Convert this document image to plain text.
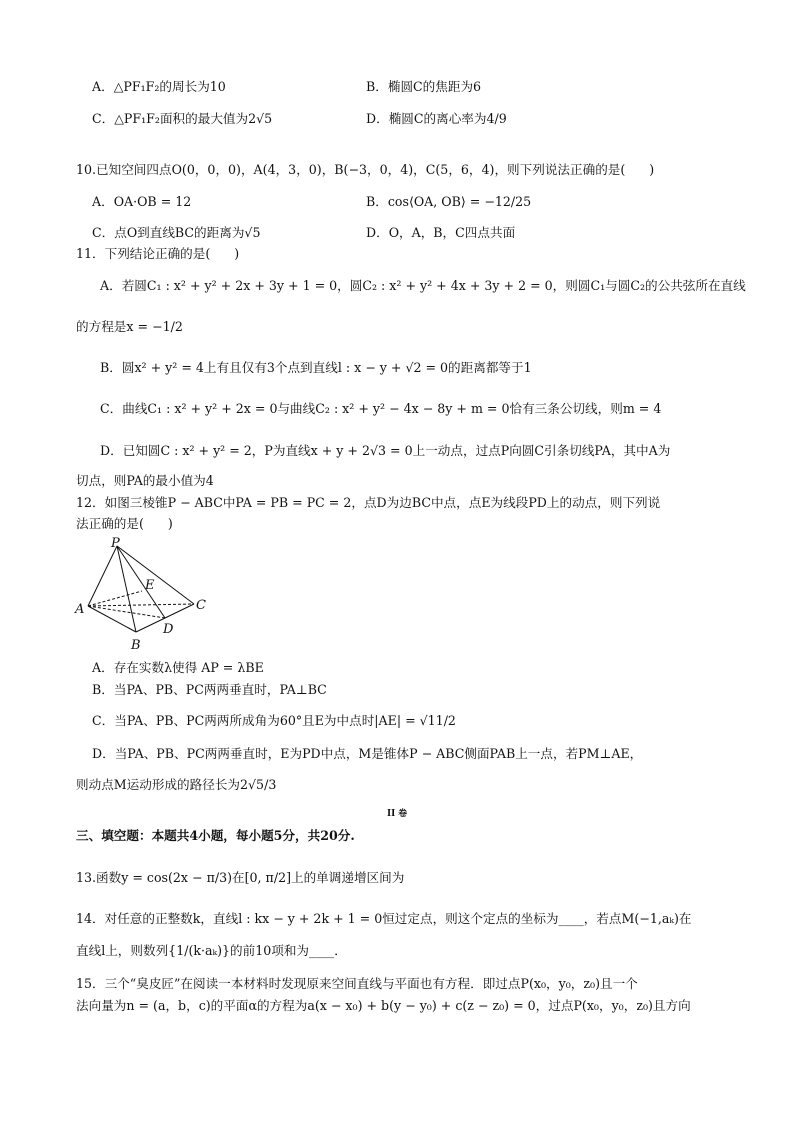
A．△PF₁F₂的周长为10	B．椭圆C的焦距为6
C．△PF₁F₂面积的最大值为2√5	D．椭圆C的离心率为4/9
10.已知空间四点O(0，0，0)，A(4，3，0)，B(−3，0，4)，C(5，6，4)，则下列说法正确的是(      )
A．OA·OB = 12	B．cos⟨OA, OB⟩ = −12/25
C．点O到直线BC的距离为√5	D．O，A，B，C四点共面
11．下列结论正确的是(      )
A．若圆C₁ : x² + y² + 2x + 3y + 1 = 0，圆C₂ : x² + y² + 4x + 3y + 2 = 0，则圆C₁与圆C₂的公共弦所在直线
的方程是x = −1/2
B．圆x² + y² = 4上有且仅有3个点到直线l : x − y + √2 = 0的距离都等于1
C．曲线C₁ : x² + y² + 2x = 0与曲线C₂ : x² + y² − 4x − 8y + m = 0恰有三条公切线，则m = 4
D．已知圆C : x² + y² = 2，P为直线x + y + 2√3 = 0上一动点，过点P向圆C引条切线PA，其中A为
切点，则PA的最小值为4
12．如图三棱锥P − ABC中PA = PB = PC = 2，点D为边BC中点，点E为线段PD上的动点，则下列说
法正确的是(      )
P
A
B
C
D
E
A．存在实数λ使得 AP = λBE
B．当PA、PB、PC两两垂直时，PA⊥BC
C．当PA、PB、PC两两所成角为60°且E为中点时|AE| = √11/2
D．当PA、PB、PC两两垂直时，E为PD中点，M是锥体P − ABC侧面PAB上一点，若PM⊥AE，
则动点M运动形成的路径长为2√5/3
II 卷
三、填空题：本题共4小题，每小题5分，共20分.
13.函数y = cos(2x − π/3)在[0, π/2]上的单调递增区间为
14．对任意的正整数k，直线l : kx − y + 2k + 1 = 0恒过定点，则这个定点的坐标为____，若点M(−1,aₖ)在
直线l上，则数列{1/(k·aₖ)}的前10项和为____．
15．三个“臭皮匠”在阅读一本材料时发现原来空间直线与平面也有方程．即过点P(x₀，y₀，z₀)且一个
法向量为n = (a，b，c)的平面α的方程为a(x − x₀) + b(y − y₀) + c(z − z₀) = 0，过点P(x₀，y₀，z₀)且方向
